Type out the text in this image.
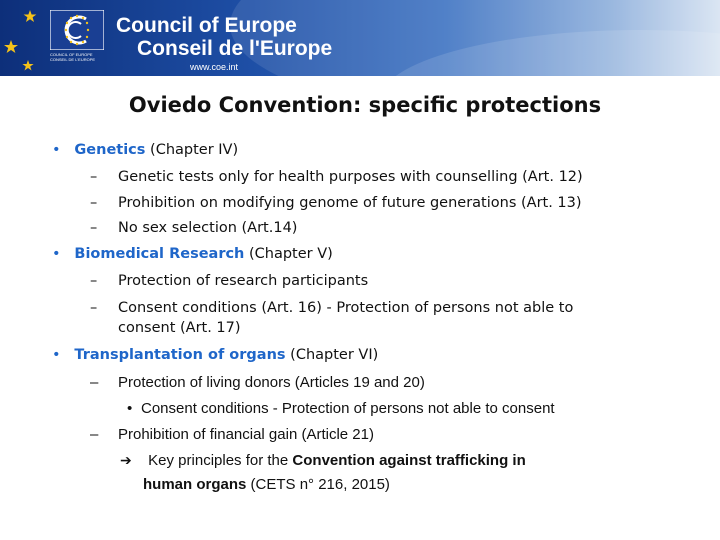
COUNCIL OF EUROPE
CONSEIL DE L'EUROPE
Council of Europe
Conseil de l'Europe
www.coe.int
Oviedo Convention: specific protections
• Genetics (Chapter IV)
– Genetic tests only for health purposes with counselling (Art. 12)
– Prohibition on modifying genome of future generations (Art. 13)
– No sex selection (Art.14)
• Biomedical Research (Chapter V)
– Protection of research participants
– Consent conditions (Art. 16) - Protection of persons not able to
consent (Art. 17)
• Transplantation of organs (Chapter VI)
– Protection of living donors (Articles 19 and 20)
• Consent conditions - Protection of persons not able to consent
– Prohibition of financial gain (Article 21)
➔ Key principles for the Convention against trafficking in
human organs (CETS n° 216, 2015)
